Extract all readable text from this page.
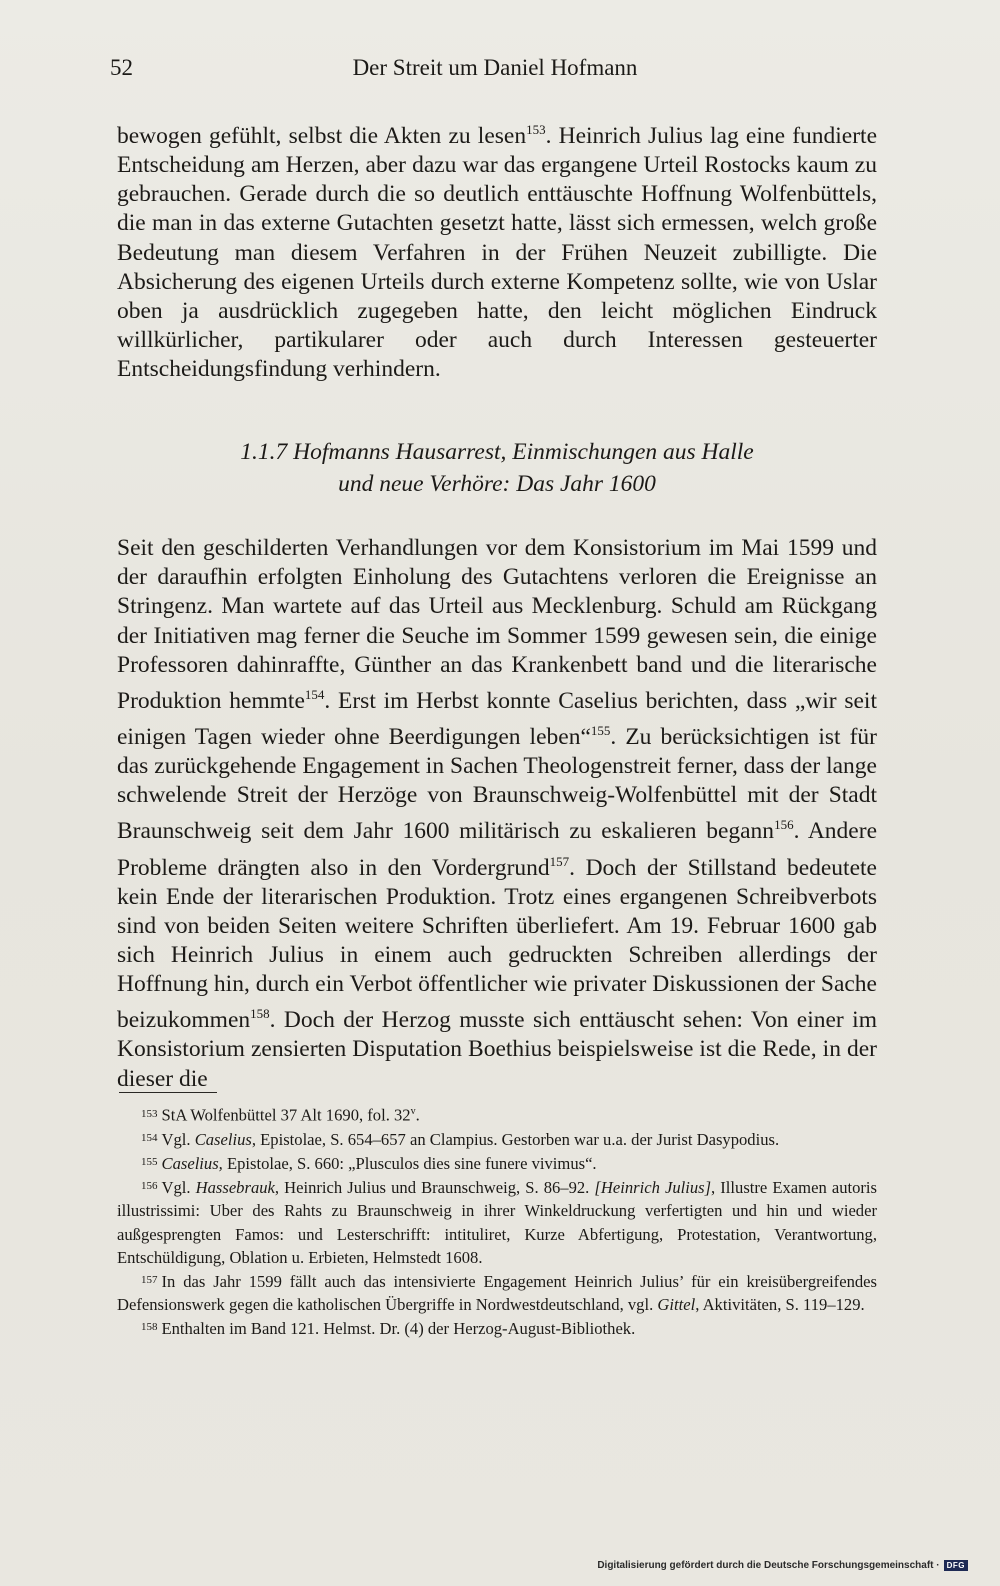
52	Der Streit um Daniel Hofmann

bewogen gefühlt, selbst die Akten zu lesen$^{153}$. Heinrich Julius lag eine fundierte Entscheidung am Herzen, aber dazu war das ergangene Urteil Rostocks kaum zu gebrauchen. Gerade durch die so deutlich enttäuschte Hoffnung Wolfenbüttels, die man in das externe Gutachten gesetzt hatte, lässt sich ermessen, welch große Bedeutung man diesem Verfahren in der Frühen Neuzeit zubilligte. Die Absicherung des eigenen Urteils durch externe Kompetenz sollte, wie von Uslar oben ja ausdrücklich zugegeben hatte, den leicht möglichen Eindruck willkürlicher, partikularer oder auch durch Interessen gesteuerter Entscheidungsfindung verhindern.

1.1.7 Hofmanns Hausarrest, Einmischungen aus Halle
und neue Verhöre: Das Jahr 1600

Seit den geschilderten Verhandlungen vor dem Konsistorium im Mai 1599 und der daraufhin erfolgten Einholung des Gutachtens verloren die Ereignisse an Stringenz. Man wartete auf das Urteil aus Mecklenburg. Schuld am Rückgang der Initiativen mag ferner die Seuche im Sommer 1599 gewesen sein, die einige Professoren dahinraffte, Günther an das Krankenbett band und die literarische Produktion hemmte$^{154}$. Erst im Herbst konnte Caselius berichten, dass „wir seit einigen Tagen wieder ohne Beerdigungen leben“$^{155}$. Zu berücksichtigen ist für das zurückgehende Engagement in Sachen Theologenstreit ferner, dass der lange schwelende Streit der Herzöge von Braunschweig-Wolfenbüttel mit der Stadt Braunschweig seit dem Jahr 1600 militärisch zu eskalieren begann$^{156}$. Andere Probleme drängten also in den Vordergrund$^{157}$. Doch der Stillstand bedeutete kein Ende der literarischen Produktion. Trotz eines ergangenen Schreibverbots sind von beiden Seiten weitere Schriften überliefert. Am 19. Februar 1600 gab sich Heinrich Julius in einem auch gedruckten Schreiben allerdings der Hoffnung hin, durch ein Verbot öffentlicher wie privater Diskussionen der Sache beizukommen$^{158}$. Doch der Herzog musste sich enttäuscht sehen: Von einer im Konsistorium zensierten Disputation Boethius beispielsweise ist die Rede, in der dieser die

$^{153}$ StA Wolfenbüttel 37 Alt 1690, fol. 32$^v$.

$^{154}$ Vgl. Caselius, Epistolae, S. 654–657 an Clampius. Gestorben war u.a. der Jurist Dasypodius.

$^{155}$ Caselius, Epistolae, S. 660: „Plusculos dies sine funere vivimus“.

$^{156}$ Vgl. Hassebrauk, Heinrich Julius und Braunschweig, S. 86–92. [Heinrich Julius], Illustre Examen autoris illustrissimi: Uber des Rahts zu Braunschweig in ihrer Winkeldruckung verfertigten und hin und wieder außgesprengten Famos: und Lesterschrifft: intituliret, Kurze Abfertigung, Protestation, Verantwortung, Entschüldigung, Oblation u. Erbieten, Helmstedt 1608.

$^{157}$ In das Jahr 1599 fällt auch das intensivierte Engagement Heinrich Julius’ für ein kreisübergreifendes Defensionswerk gegen die katholischen Übergriffe in Nordwestdeutschland, vgl. Gittel, Aktivitäten, S. 119–129.

$^{158}$ Enthalten im Band 121. Helmst. Dr. (4) der Herzog-August-Bibliothek.

Digitalisierung gefördert durch die Deutsche Forschungsgemeinschaft · DFG
